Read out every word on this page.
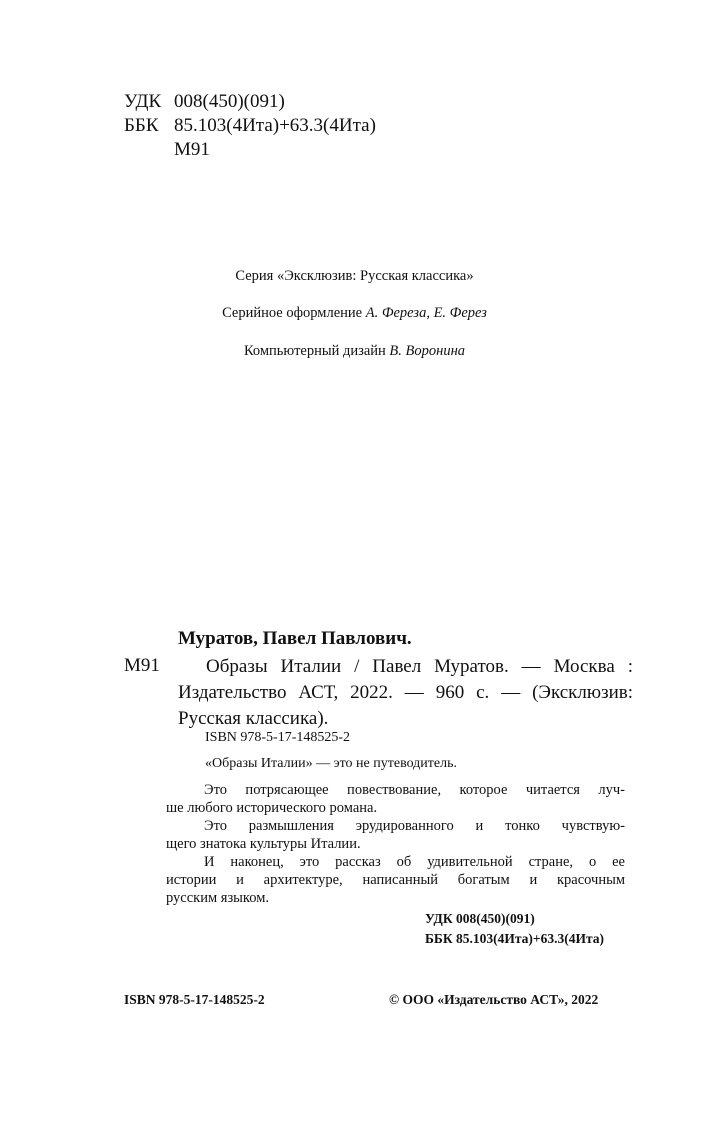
УДК 008(450)(091)
ББК 85.103(4Ита)+63.3(4Ита)
М91
Серия «Эксклюзив: Русская классика»
Серийное оформление А. Фереза, Е. Ферез
Компьютерный дизайн В. Воронина
Муратов, Павел Павлович.
М91	Образы Италии / Павел Муратов. — Москва :
Издательство АСТ, 2022. — 960 с. — (Эксклюзив:
Русская классика).
ISBN 978-5-17-148525-2
«Образы Италии» — это не путеводитель.

Это потрясающее повествование, которое читается луч-
ше любого исторического романа.

Это размышления эрудированного и тонко чувствую-
щего знатока культуры Италии.

И наконец, это рассказ об удивительной стране, о ее
истории и архитектуре, написанный богатым и красочным
русским языком.

УДК 008(450)(091)
ББК 85.103(4Ита)+63.3(4Ита)
ISBN 978-5-17-148525-2	© ООО «Издательство АСТ», 2022
